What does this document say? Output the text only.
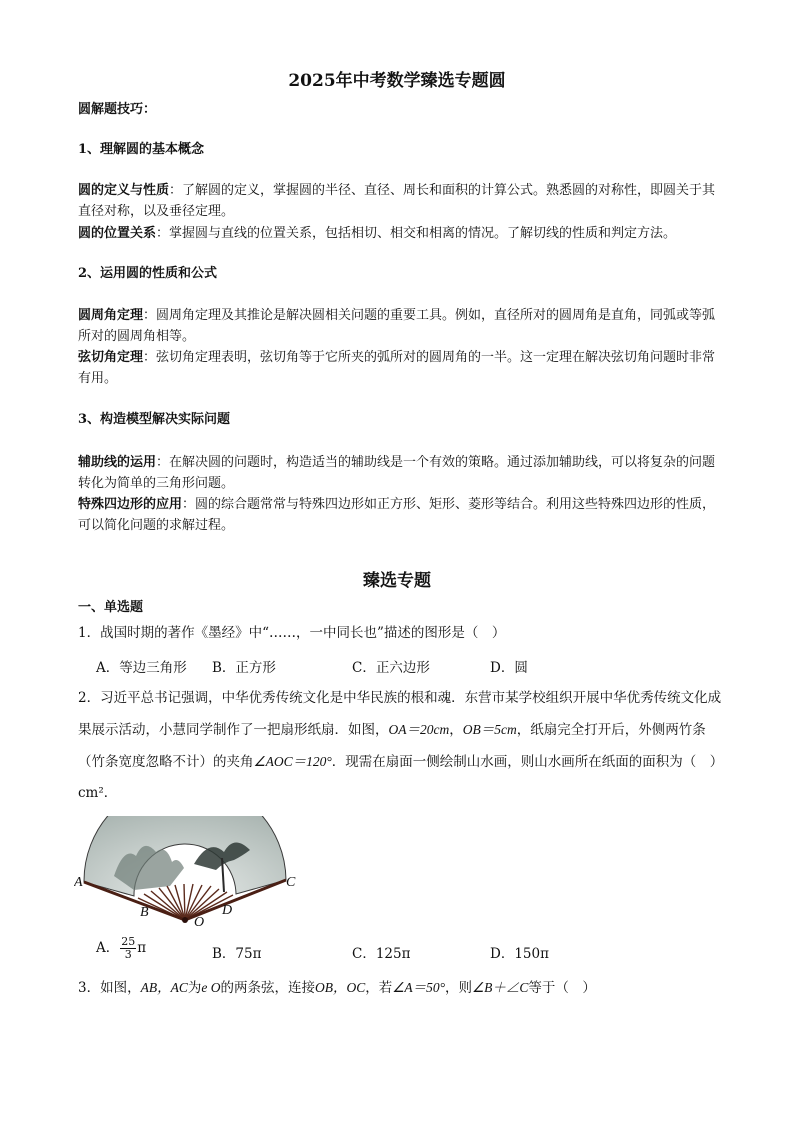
2025年中考数学臻选专题圆
圆解题技巧：
1、理解圆的基本概念
圆的定义与性质：了解圆的定义，掌握圆的半径、直径、周长和面积的计算公式。熟悉圆的对称性，即圆关于其直径对称，以及垂径定理。
圆的位置关系：掌握圆与直线的位置关系，包括相切、相交和相离的情况。了解切线的性质和判定方法。
2、运用圆的性质和公式
圆周角定理：圆周角定理及其推论是解决圆相关问题的重要工具。例如，直径所对的圆周角是直角，同弧或等弧所对的圆周角相等。
弦切角定理：弦切角定理表明，弦切角等于它所夹的弧所对的圆周角的一半。这一定理在解决弦切角问题时非常有用。
3、构造模型解决实际问题
辅助线的运用：在解决圆的问题时，构造适当的辅助线是一个有效的策略。通过添加辅助线，可以将复杂的问题转化为简单的三角形问题。
特殊四边形的应用：圆的综合题常常与特殊四边形如正方形、矩形、菱形等结合。利用这些特殊四边形的性质，可以简化问题的求解过程。
臻选专题
一、单选题
1．战国时期的著作《墨经》中“……，一中同长也”描述的图形是（　）
A．等边三角形 B．正方形	C．正六边形	D．圆
2．习近平总书记强调，中华优秀传统文化是中华民族的根和魂．东营市某学校组织开展中华优秀传统文化成果展示活动，小慧同学制作了一把扇形纸扇．如图，OA＝20cm，OB＝5cm，纸扇完全打开后，外侧两竹条（竹条宽度忽略不计）的夹角∠AOC＝120°．现需在扇面一侧绘制山水画，则山水画所在纸面的面积为（　）cm²．
A
B
C
D
O
A． $\frac{25}{3}$ π	B．75π	C．125π	D．150π
3．如图，AB，AC为e O的两条弦，连接OB，OC，若∠A＝50°，则∠B＋∠C等于（　）
